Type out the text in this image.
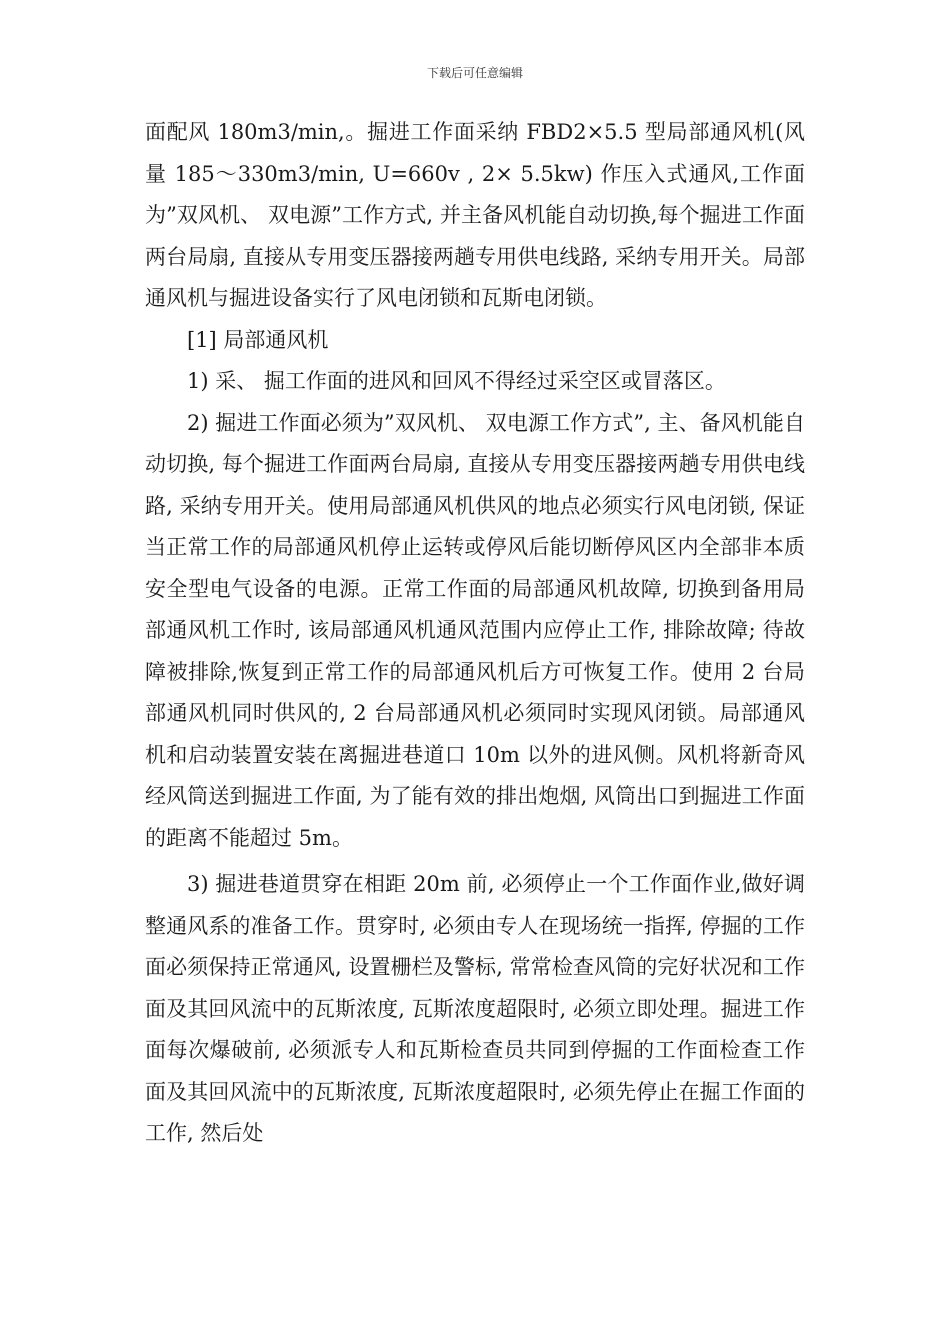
下载后可任意编辑

面配风 180m3/min,。掘进工作面采纳 FBD2×5.5 型局部通风机(风量 185～330m3/min, U=660v , 2× 5.5kw) 作压入式通风,工作面为”双风机、 双电源”工作方式, 并主备风机能自动切换,每个掘进工作面两台局扇, 直接从专用变压器接两趟专用供电线路, 采纳专用开关。局部通风机与掘进设备实行了风电闭锁和瓦斯电闭锁。

[1] 局部通风机

1) 采、 掘工作面的进风和回风不得经过采空区或冒落区。

2) 掘进工作面必须为”双风机、 双电源工作方式”, 主、备风机能自动切换, 每个掘进工作面两台局扇, 直接从专用变压器接两趟专用供电线路, 采纳专用开关。使用局部通风机供风的地点必须实行风电闭锁, 保证当正常工作的局部通风机停止运转或停风后能切断停风区内全部非本质安全型电气设备的电源。正常工作面的局部通风机故障, 切换到备用局部通风机工作时, 该局部通风机通风范围内应停止工作, 排除故障; 待故障被排除,恢复到正常工作的局部通风机后方可恢复工作。使用 2 台局部通风机同时供风的, 2 台局部通风机必须同时实现风闭锁。局部通风机和启动装置安装在离掘进巷道口 10m 以外的进风侧。风机将新奇风经风筒送到掘进工作面, 为了能有效的排出炮烟, 风筒出口到掘进工作面的距离不能超过 5m。

3) 掘进巷道贯穿在相距 20m 前, 必须停止一个工作面作业,做好调整通风系的准备工作。贯穿时, 必须由专人在现场统一指挥, 停掘的工作面必须保持正常通风, 设置栅栏及警标, 常常检查风筒的完好状况和工作面及其回风流中的瓦斯浓度, 瓦斯浓度超限时, 必须立即处理。掘进工作面每次爆破前, 必须派专人和瓦斯检查员共同到停掘的工作面检查工作面及其回风流中的瓦斯浓度, 瓦斯浓度超限时, 必须先停止在掘工作面的工作, 然后处
